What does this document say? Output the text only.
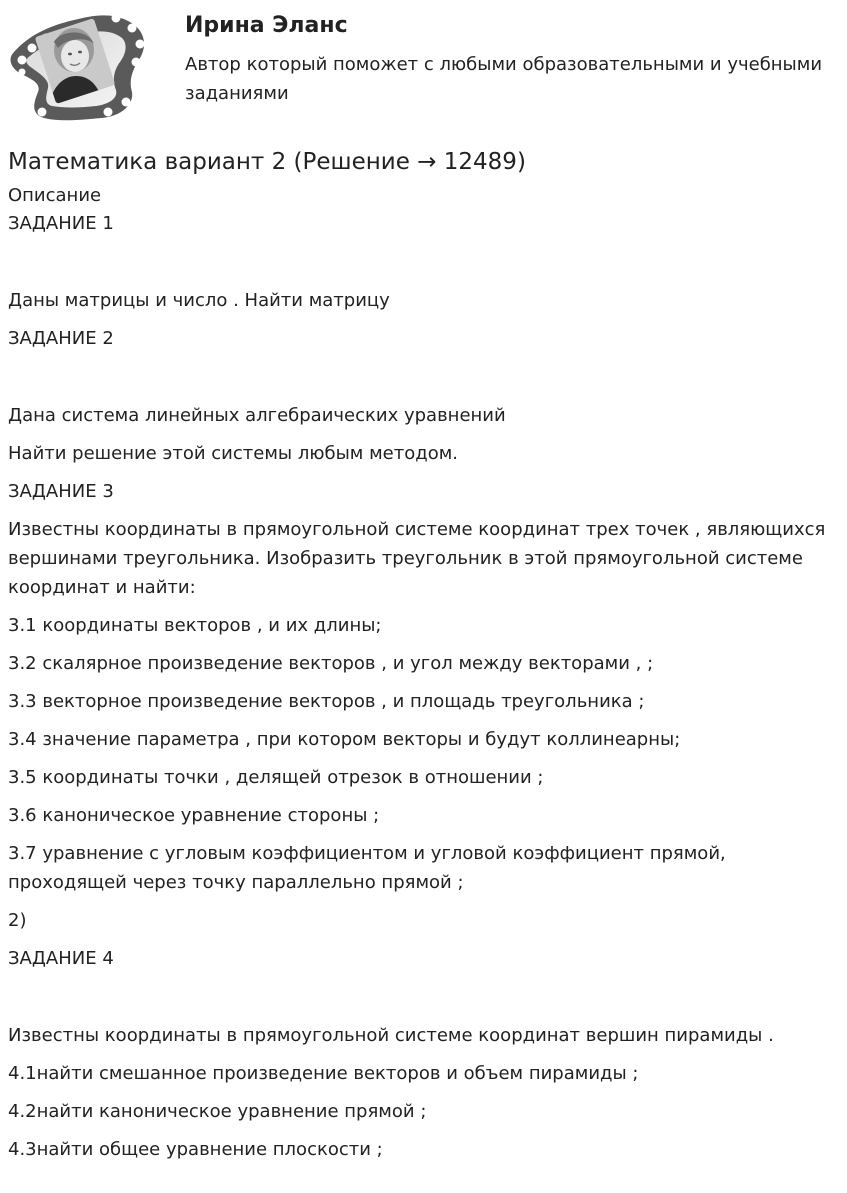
Ирина Эланс
Автор который поможет с любыми образовательными и учебными заданиями
Математика вариант 2 (Решение → 12489)
Описание
ЗАДАНИЕ 1
Даны матрицы и число . Найти матрицу
ЗАДАНИЕ 2
Дана система линейных алгебраических уравнений
Найти решение этой системы любым методом.
ЗАДАНИЕ 3
Известны координаты в прямоугольной системе координат трех точек , являющихся вершинами треугольника. Изобразить треугольник в этой прямоугольной системе координат и найти:
3.1 координаты векторов , и их длины;
3.2 скалярное произведение векторов , и угол между векторами , ;
3.3 векторное произведение векторов , и площадь треугольника ;
3.4 значение параметра , при котором векторы и будут коллинеарны;
3.5 координаты точки , делящей отрезок в отношении ;
3.6 каноническое уравнение стороны ;
3.7 уравнение с угловым коэффициентом и угловой коэффициент прямой, проходящей через точку параллельно прямой ;
2)
ЗАДАНИЕ 4
Известны координаты в прямоугольной системе координат вершин пирамиды .
4.1найти смешанное произведение векторов и объем пирамиды ;
4.2найти каноническое уравнение прямой ;
4.3найти общее уравнение плоскости ;
